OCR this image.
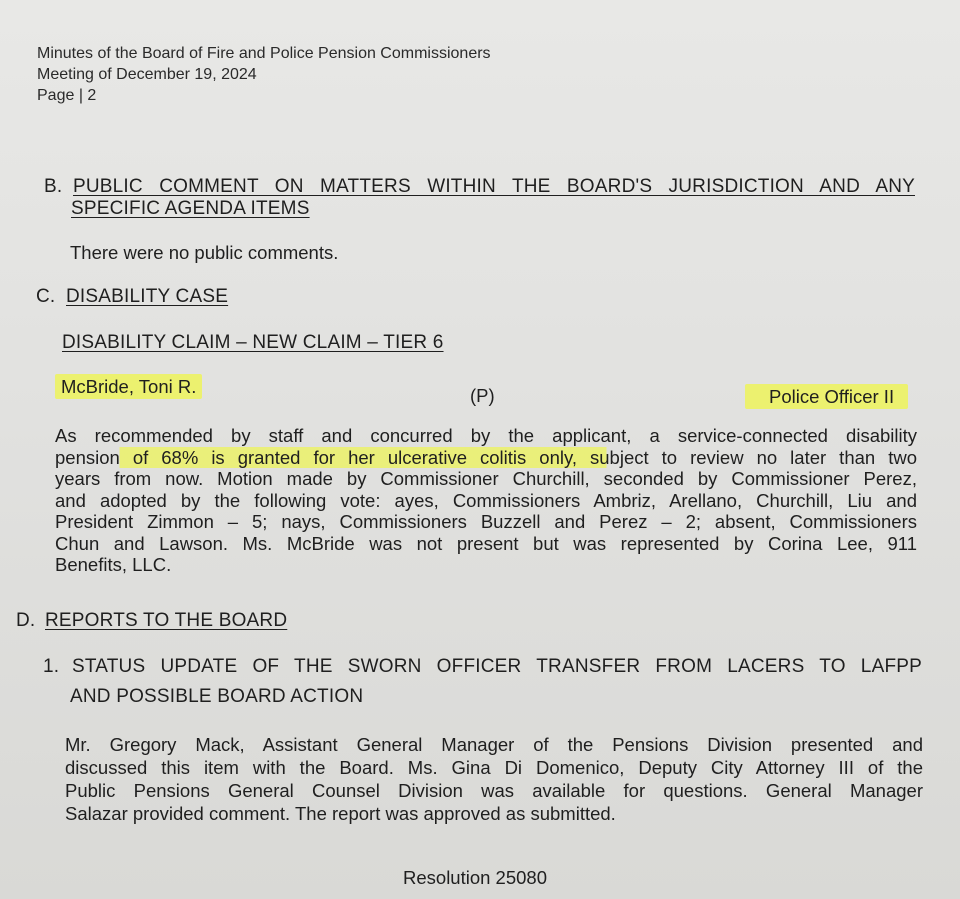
Minutes of the Board of Fire and Police Pension Commissioners
Meeting of December 19, 2024
Page | 2
B. PUBLIC COMMENT ON MATTERS WITHIN THE BOARD'S JURISDICTION AND ANY
SPECIFIC AGENDA ITEMS
There were no public comments.
C. DISABILITY CASE
DISABILITY CLAIM – NEW CLAIM – TIER 6
McBride, Toni R.	(P)	Police Officer II
As recommended by staff and concurred by the applicant, a service-connected disability
pension of 68% is granted for her ulcerative colitis only, subject to review no later than two
years from now. Motion made by Commissioner Churchill, seconded by Commissioner Perez,
and adopted by the following vote: ayes, Commissioners Ambriz, Arellano, Churchill, Liu and
President Zimmon – 5; nays, Commissioners Buzzell and Perez – 2; absent, Commissioners
Chun and Lawson. Ms. McBride was not present but was represented by Corina Lee, 911
Benefits, LLC.
D. REPORTS TO THE BOARD
1. STATUS UPDATE OF THE SWORN OFFICER TRANSFER FROM LACERS TO LAFPP
AND POSSIBLE BOARD ACTION
Mr. Gregory Mack, Assistant General Manager of the Pensions Division presented and
discussed this item with the Board. Ms. Gina Di Domenico, Deputy City Attorney III of the
Public Pensions General Counsel Division was available for questions. General Manager
Salazar provided comment. The report was approved as submitted.
Resolution 25080
